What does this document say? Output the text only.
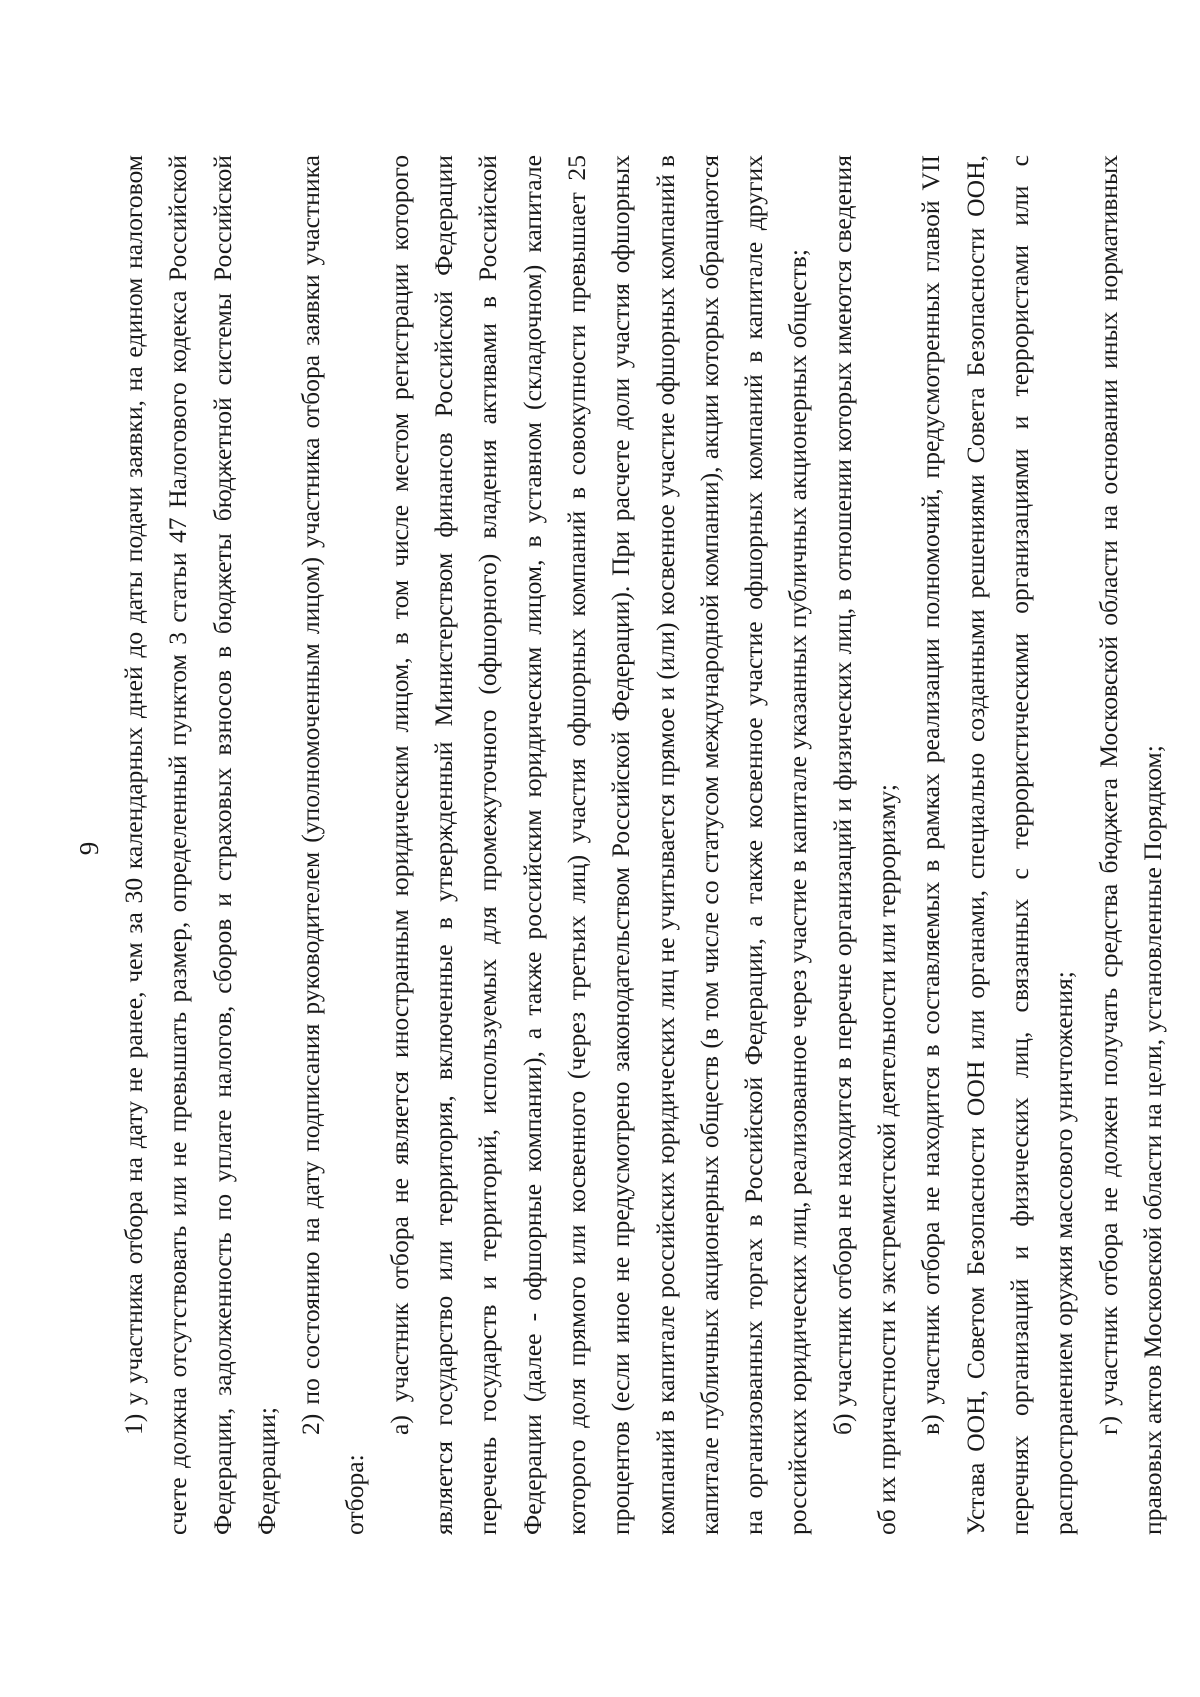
9 1) у участника отбора на дату не ранее, чем за 30 календарных дней до даты подачи заявки, на едином налоговом счете должна отсутствовать или не превышать размер, определенный пунктом 3 статьи 47 Налогового кодекса Российской Федерации, задолженность по уплате налогов, сборов и страховых взносов в бюджеты бюджетной системы Российской Федерации;

2) по состоянию на дату подписания руководителем (уполномоченным лицом) участника отбора заявки участника отбора:

а) участник отбора не является иностранным юридическим лицом, в том числе местом регистрации которого является государство или территория, включенные в утвержденный Министерством финансов Российской Федерации перечень государств и территорий, используемых для промежуточного (офшорного) владения активами в Российской Федерации (далее - офшорные компании), а также российским юридическим лицом, в уставном (складочном) капитале которого доля прямого или косвенного (через третьих лиц) участия офшорных компаний в совокупности превышает 25 процентов (если иное не предусмотрено законодательством Российской Федерации). При расчете доли участия офшорных компаний в капитале российских юридических лиц не учитывается прямое и (или) косвенное участие офшорных компаний в капитале публичных акционерных обществ (в том числе со статусом международной компании), акции которых обращаются на организованных торгах в Российской Федерации, а также косвенное участие офшорных компаний в капитале других российских юридических лиц, реализованное через участие в капитале указанных публичных акционерных обществ; б) участник отбора не находится в перечне организаций и физических лиц, в отношении которых имеются сведения об их причастности к экстремистской деятельности или терроризму; в) участник отбора не находится в составляемых в рамках реализации полномочий, предусмотренных главой VII Устава ООН, Советом Безопасности ООН или органами, специально созданными решениями Совета Безопасности ООН, перечнях организаций и физических лиц, связанных с террористическими организациями и террористами или с распространением оружия массового уничтожения; г) участник отбора не должен получать средства бюджета Московской области на основании иных нормативных правовых актов Московской области на цели, установленные Порядком;
